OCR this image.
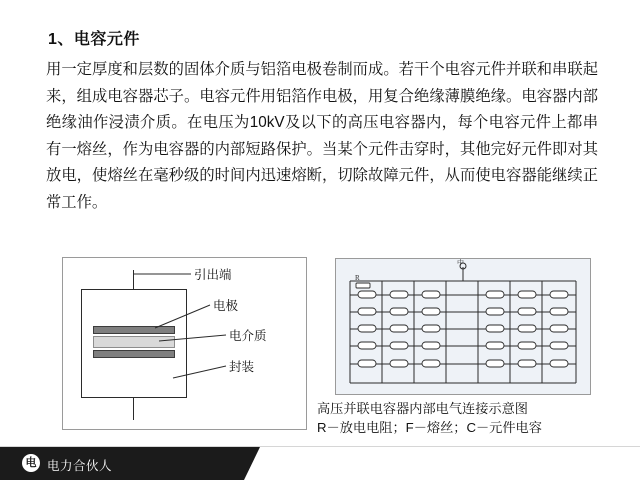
1、电容元件
用一定厚度和层数的固体介质与铝箔电极卷制而成。若干个电容元件并联和串联起来，组成电容器芯子。电容元件用铝箔作电极，用复合绝缘薄膜绝缘。电容器内部绝缘油作浸渍介质。在电压为10kV及以下的高压电容器内，每个电容元件上都串有一熔丝，作为电容器的内部短路保护。当某个元件击穿时，其他完好元件即对其放电，使熔丝在毫秒级的时间内迅速熔断，切除故障元件，从而使电容器能继续正常工作。
引出端
电极
电介质
封装
R
中
高压并联电容器内部电气连接示意图
R－放电电阻；F－熔丝；C－元件电容
电 电力合伙人
